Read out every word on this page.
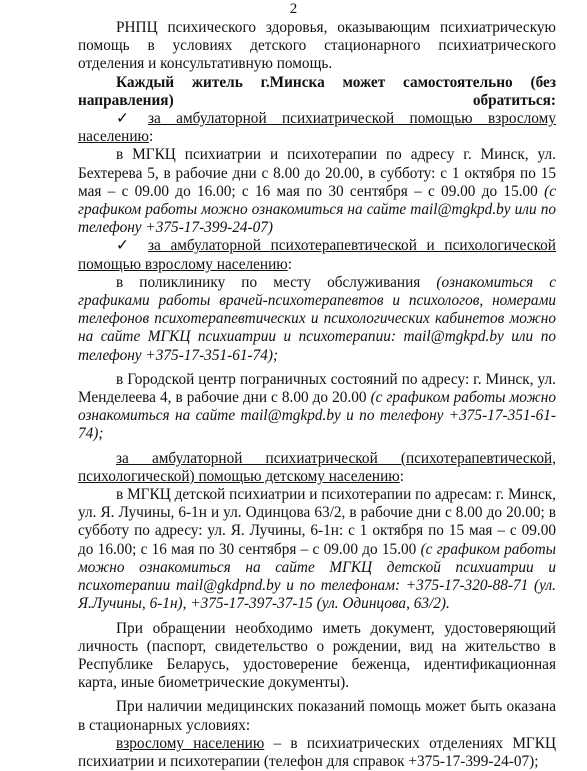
2

РНПЦ психического здоровья, оказывающим психиатрическую помощь в условиях детского стационарного психиатрического отделения и консультативную помощь.

Каждый житель г.Минска может самостоятельно (без направления) обратиться:

✓ за амбулаторной психиатрической помощью взрослому населению:

в МГКЦ психиатрии и психотерапии по адресу г. Минск, ул. Бехтерева 5, в рабочие дни с 8.00 до 20.00, в субботу: с 1 октября по 15 мая – с 09.00 до 16.00; с 16 мая по 30 сентября – с 09.00 до 15.00 (с графиком работы можно ознакомиться на сайте mail@mgkpd.by или по телефону +375-17-399-24-07)

✓ за амбулаторной психотерапевтической и психологической помощью взрослому населению:

в поликлинику по месту обслуживания (ознакомиться с графиками работы врачей-психотерапевтов и психологов, номерами телефонов психотерапевтических и психологических кабинетов можно на сайте МГКЦ психиатрии и психотерапии: mail@mgkpd.by или по телефону +375-17-351-61-74);

в Городской центр пограничных состояний по адресу: г. Минск, ул. Менделеева 4, в рабочие дни с 8.00 до 20.00 (с графиком работы можно ознакомиться на сайте mail@mgkpd.by и по телефону +375-17-351-61-74);

за амбулаторной психиатрической (психотерапевтической, психологической) помощью детскому населению:

в МГКЦ детской психиатрии и психотерапии по адресам: г. Минск, ул. Я. Лучины, 6-1н и ул. Одинцова 63/2, в рабочие дни с 8.00 до 20.00; в субботу по адресу: ул. Я. Лучины, 6-1н: с 1 октября по 15 мая – с 09.00 до 16.00; с 16 мая по 30 сентября – с 09.00 до 15.00 (с графиком работы можно ознакомиться на сайте МГКЦ детской психиатрии и психотерапии mail@gkdpnd.by и по телефонам: +375-17-320-88-71 (ул. Я.Лучины, 6-1н), +375-17-397-37-15 (ул. Одинцова, 63/2).

При обращении необходимо иметь документ, удостоверяющий личность (паспорт, свидетельство о рождении, вид на жительство в Республике Беларусь, удостоверение беженца, идентификационная карта, иные биометрические документы).

При наличии медицинских показаний помощь может быть оказана в стационарных условиях:

взрослому населению – в психиатрических отделениях МГКЦ психиатрии и психотерапии (телефон для справок +375-17-399-24-07);
